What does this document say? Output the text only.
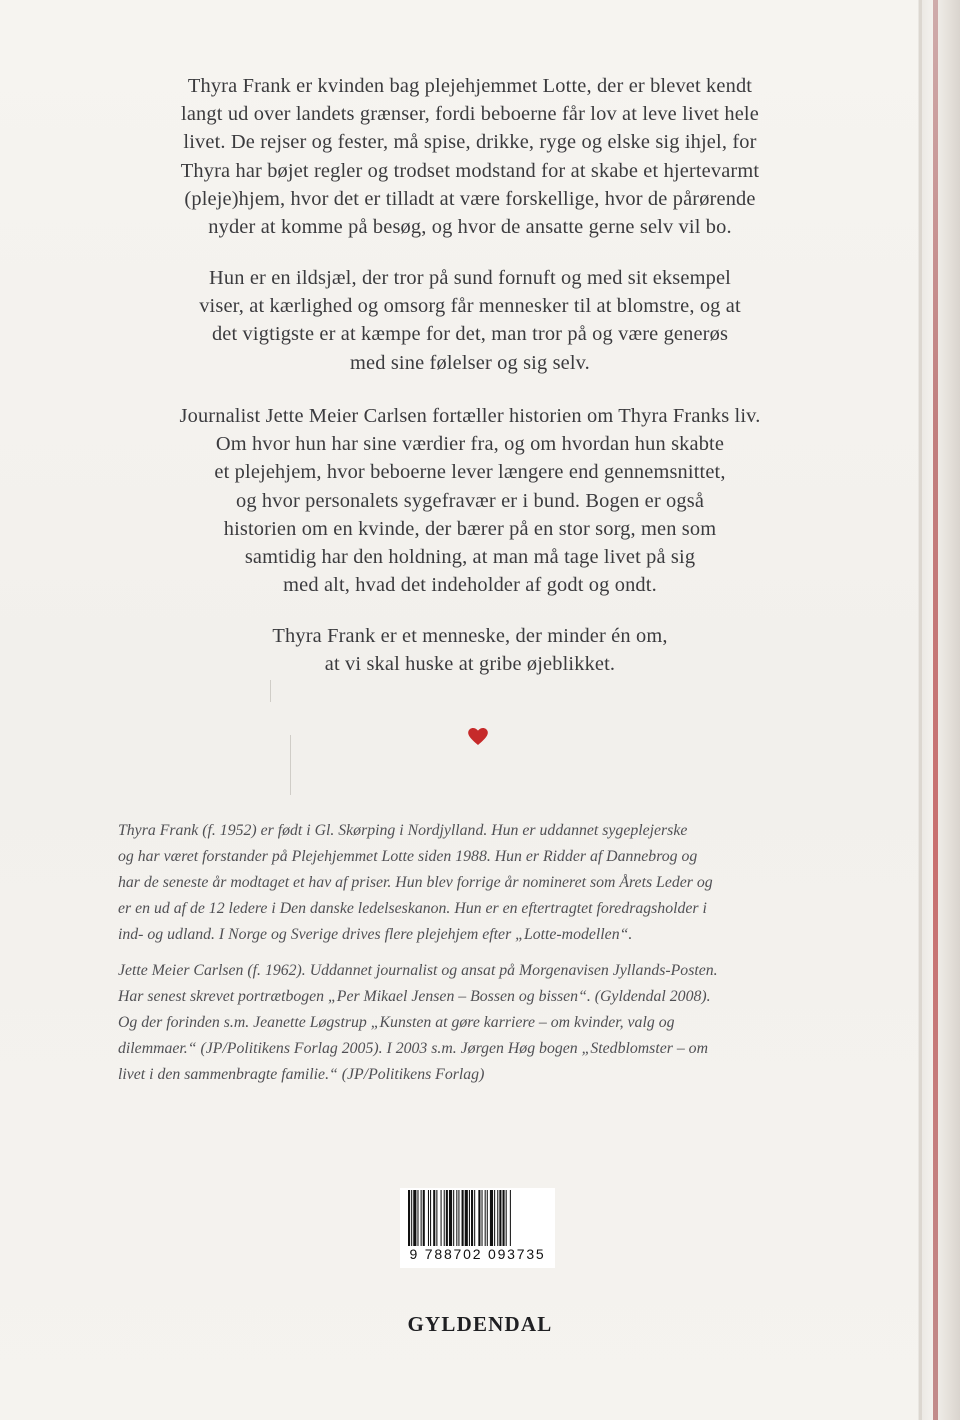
Thyra Frank er kvinden bag plejehjemmet Lotte, der er blevet kendt
langt ud over landets grænser, fordi beboerne får lov at leve livet hele
livet. De rejser og fester, må spise, drikke, ryge og elske sig ihjel, for
Thyra har bøjet regler og trodset modstand for at skabe et hjertevarmt
(pleje)hjem, hvor det er tilladt at være forskellige, hvor de pårørende
nyder at komme på besøg, og hvor de ansatte gerne selv vil bo.

Hun er en ildsjæl, der tror på sund fornuft og med sit eksempel
viser, at kærlighed og omsorg får mennesker til at blomstre, og at
det vigtigste er at kæmpe for det, man tror på og være generøs
med sine følelser og sig selv.

Journalist Jette Meier Carlsen fortæller historien om Thyra Franks liv.
Om hvor hun har sine værdier fra, og om hvordan hun skabte
et plejehjem, hvor beboerne lever længere end gennemsnittet,
og hvor personalets sygefravær er i bund. Bogen er også
historien om en kvinde, der bærer på en stor sorg, men som
samtidig har den holdning, at man må tage livet på sig
med alt, hvad det indeholder af godt og ondt.

Thyra Frank er et menneske, der minder én om,
at vi skal huske at gribe øjeblikket.

Thyra Frank (f. 1952) er født i Gl. Skørping i Nordjylland. Hun er uddannet sygeplejerske
og har været forstander på Plejehjemmet Lotte siden 1988. Hun er Ridder af Dannebrog og
har de seneste år modtaget et hav af priser. Hun blev forrige år nomineret som Årets Leder og
er en ud af de 12 ledere i Den danske ledelseskanon. Hun er en eftertragtet foredragsholder i
ind- og udland. I Norge og Sverige drives flere plejehjem efter „Lotte-modellen“.
Jette Meier Carlsen (f. 1962). Uddannet journalist og ansat på Morgenavisen Jyllands-Posten.
Har senest skrevet portrætbogen „Per Mikael Jensen – Bossen og bissen“. (Gyldendal 2008).
Og der forinden s.m. Jeanette Løgstrup „Kunsten at gøre karriere – om kvinder, valg og
dilemmaer.“ (JP/Politikens Forlag 2005). I 2003 s.m. Jørgen Høg bogen „Stedblomster – om
livet i den sammenbragte familie.“ (JP/Politikens Forlag)
9 788702 093735
GYLDENDAL
